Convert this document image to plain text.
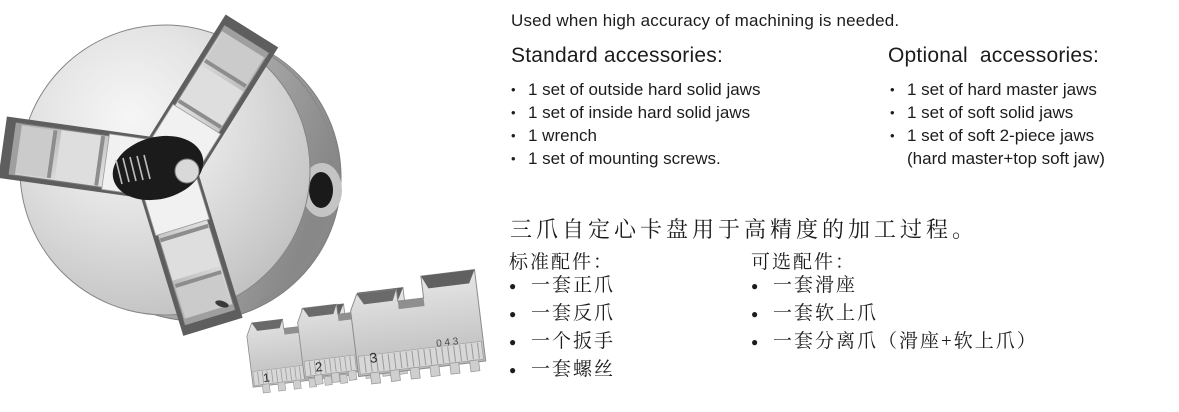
1
2
3
0 4 3
Used when high accuracy of machining is needed.
Standard accessories:
• 1 set of outside hard solid jaws
• 1 set of inside hard solid jaws
• 1 wrench
• 1 set of mounting screws.
Optional  accessories:
• 1 set of hard master jaws
• 1 set of soft solid jaws
• 1 set of soft 2-piece jaws
(hard master+top soft jaw)
三爪自定心卡盘用于高精度的加工过程。
标准配件：
● 一套正爪
● 一套反爪
● 一个扳手
● 一套螺丝
可选配件：
● 一套滑座
● 一套软上爪
● 一套分离爪（滑座+软上爪）
